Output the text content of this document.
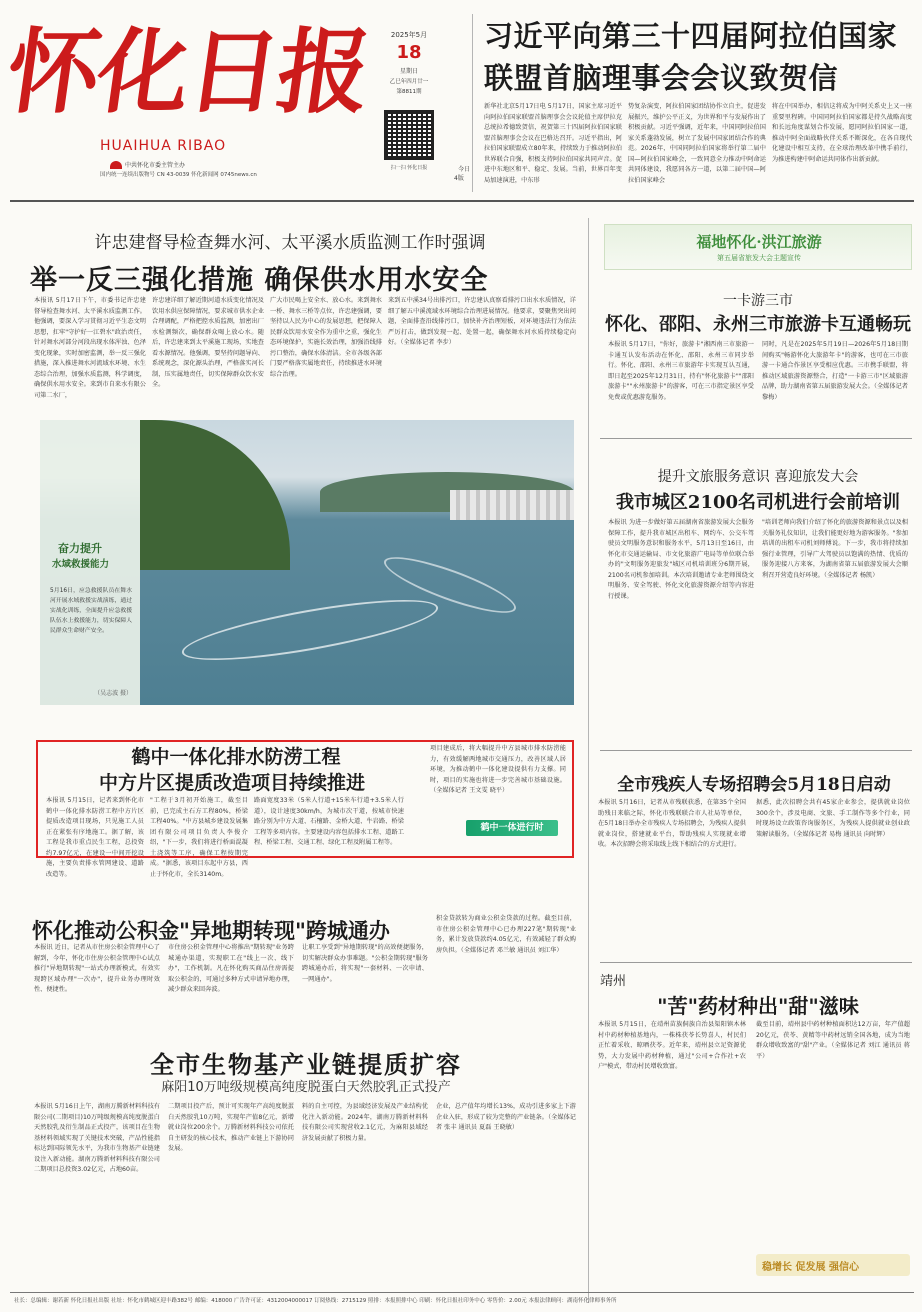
怀化日报
HUAIHUA RIBAO
中共怀化市委主管主办
国内统一连续出版物号 CN 43-0039 怀化新闻网 0745news.cn
2025年5月
18
星期日
乙巳年四月廿一
第8811期
扫一扫 怀化日报	今日
4版
习近平向第三十四届阿拉伯国家
联盟首脑理事会会议致贺信
新华社北京5月17日电 5月17日，国家主席习近平向阿拉伯国家联盟首脑理事会会议轮值主席伊拉克总统拉希德致贺信，祝贺第三十四届阿拉伯国家联盟首脑理事会会议在巴格达召开。习近平指出，阿拉伯国家联盟成立80年来，持续致力于推动阿拉伯世界联合自强，积极支持阿拉伯国家共同声音。促进中东地区和平、稳定、发展。当前，世界百年变局加速演进，中东形
势复杂演变，阿拉伯国家团结协作立自主，促进发展振兴，维护公平正义，为世界和平与发展作出了积极贡献。习近平强调，近年来，中国同阿拉伯国家关系蓬勃发展，树立了发展中国家团结合作的典范。2026年，中国同阿拉伯国家将举行第二届中国—阿拉伯国家峰会，一致同意全力推动中阿命运共同体建设，我愿同各方一道，以第二届中国—阿拉伯国家峰会
将在中国举办，相信这将成为中阿关系史上又一座重要里程碑。中国同阿拉伯国家都是持久战略高度和长远角度谋划合作发展，愿同阿拉伯国家一道，推动中阿全面战略伙伴关系不断深化，在各自现代化建设中相互支持，在全球治理改革中携手前行，为推进构建中阿命运共同体作出新贡献。
许忠建督导检查舞水河、太平溪水质监测工作时强调
举一反三强化措施 确保供水用水安全
本报讯 5月17日下午，市委书记许忠建督导检查舞水河、太平溪水质监测工作。他强调，要深入学习贯彻习近平生态文明思想，扛牢"守护好一江碧水"政治责任，针对舞水河部分河段出现水体浑浊、色泽变化现象，实时加密监测，举一反三强化措施，深入推进舞水河流域水环境、水生态综合治理，加强水质监测，科学调度，确保供水用水安全。来到市自来水有限公司第二水厂，
许忠建详细了解近期河道水质变化情况及饮用水供应保障情况，要求城市供水企业合理调配，严格把控水质监测，加密出厂水检测频次，确保群众喝上放心水。随后，许忠建来到太平溪施工现场，实地查看水源情况。他强调，要坚持问题导向、系统观念，深化源头治理，严格落实河长制，压实属地责任，切实保障群众饮水安全。
广大市民喝上安全水、放心水。来到舞水一桥、舞水三桥等点位，许忠建强调，要坚持以人民为中心的发展思想，把保障人民群众饮用水安全作为重中之重，强化生态环境保护，实施长效治理，加强沿线排污口整治，确保水体清洁。全市各级各部门要严格落实属地责任，持续推进水环境综合治理。
来到五中溪34号出排污口，许忠建认真察看排污口出水水质情况，详细了解五中溪流域水环境综合治理进展情况。他要求，要聚焦突出问题，全面排查沿线排污口，加快补齐治理短板，对环境违法行为依法严厉打击，做到发现一起、处置一起，确保舞水河水质持续稳定向好。（全媒体记者 李步）
奋力提升
水域救援能力
5月16日，应急救援队员在舞水河开展水域救援实战演练，通过实战化训练，全面提升应急救援队伍水上救援能力，切实保障人民群众生命财产安全。
（吴志波 摄）
鹤中一体化排水防涝工程
中方片区提质改造项目持续推进
本报讯 5月15日，记者来到怀化市鹤中一体化排水防涝工程中方片区提质改造项目现场，只见施工人员正在紧张有序地施工。据了解，该工程是我市重点民生工程，总投资约7.97亿元，在建设一中间开挖设施，主要负责排水管网建设、道路改造等。
"工程于3月初开始施工，截至目前，已完成主石方工程80%，桥梁工程40%。"中方县城乡建设发展集团有限公司项目负责人李俊介绍，"下一步，我们将进行桥面混凝土浇筑等工序，确保工程按期完成。"据悉，该项目东起中方县，西止于怀化市，全长3140m。
路面宽度33米（5米人行道+15米车行道+3.5米人行道），设计速度30km/h，为城市次干道，按城市快速路分别为中方大道、石檀路、金桥大道、牛岩路、桥梁工程等多项内容。主要建设内容包括排水工程、道路工程、桥梁工程、交通工程、绿化工程及附属工程等。
项目建成后，将大幅提升中方县城市排水防涝能力，有效缓解两地城市交通压力，改善区域人居环境，为推动鹤中一体化建设提供有力支撑。同时，项目的实施也将进一步完善城市基础设施。（全媒体记者 王文雯 晓平）
鹤中一体进行时
怀化推动公积金"异地期转现"跨城通办
本报讯 近日，记者从市住房公积金管理中心了解到，今年，怀化市住房公积金管理中心试点推行"异地期转现"一站式办理新模式，有效实现跨区域办理"一次办"，提升业务办理时效性、便捷性。
市住房公积金管理中心将推出"期转现"业务跨城通办渠道，实现职工在"线上一次、线下办"，工作机制。凡在怀化购买商品住房需提取公积金的，可通过多种方式申请异地办理，减少群众来回奔波。
让职工享受到"异地期转现"的高效便捷服务，切实解决群众办事难题。"公积金期转现"服务跨城通办后，将实现"一套材料、一次申请、一网通办"。
积金贷款转为商业公积金贷款的过程。截至目前，市住房公积金管理中心已办理227笔"期转现"业务，累计发放贷款约4.05亿元，有效减轻了群众购房负担。（全媒体记者 邓兰敏 通讯员 刘江华）
全市生物基产业链提质扩容
麻阳10万吨级规模高纯度脱蛋白天然胶乳正式投产
本报讯 5月16日上午，湖南万腾新材料科技有限公司(二期项目)10万吨级规模高纯度脱蛋白天然胶乳及衍生制品正式投产，该项目在生物基材料领域实现了关键技术突破，产品性能指标达到国际领先水平，为我市生物基产业链建设注入新动能。湖南万腾新材料科技有限公司二期项目总投资3.02亿元，占地60亩。
二期项目投产后，预计可实现年产高纯度脱蛋白天然胶乳10万吨，实现年产值8亿元，新增就业岗位200余个。万腾新材料科技公司依托自主研发的核心技术，推动产业链上下游协同发展。
料的自主可控，为县域经济发展及产业结构优化注入新动能。2024年，湖南万腾新材料科技有限公司实现营收2.1亿元，为麻阳县域经济发展贡献了积极力量。
企业，总产值年均增长13%，成功引进多家上下游企业入驻，形成了较为完整的产业链条。（全媒体记者 张丰 通讯员 夏磊 王晓敏）
福地怀化·洪江旅游
第五届省旅发大会主题宣传
一卡游三市
怀化、邵阳、永州三市旅游卡互通畅玩
本报讯 5月17日，"你好，旅游卡"湘西南三市旅游一卡通互认发布活动在怀化、邵阳、永州三市同步举行。怀化、邵阳、永州三市旅游年卡实现互认互通，即日起至2025年12月31日，持有"怀化旅游卡""邵阳旅游卡""永州旅游卡"的游客，可在三市指定景区享受免费或优惠游览服务。
同时，凡是在2025年5月19日—2026年5月18日期间购买"畅游怀化大旅游年卡"的游客，也可在三市旅游一卡通合作景区享受相应优惠。三市携手联盟，将推动区域旅游资源整合，打造"一卡游三市"区域旅游品牌，助力湖南省第五届旅游发展大会。（全媒体记者 黎梅）
提升文旅服务意识 喜迎旅发大会
我市城区2100名司机进行会前培训
本报讯 为进一步做好第五届湖南省旅游发展大会服务保障工作，提升我市城区出租车、网约车、公交车驾驶员文明服务意识和服务水平，5月13日至16日，由怀化市交通运输局、市文化旅游广电局等单位联合举办的"文明服务迎旅发"城区司机培训班分6期开展，2100名司机参加培训。本次培训邀请专业老师围绕文明服务、安全驾驶、怀化文化旅游资源介绍等内容进行授课。
"培训老师向我们介绍了怀化的旅游资源和景点以及相关服务礼仪知识，让我们能更好地为游客服务。"参加培训的出租车司机刘师傅说。下一步，我市将持续加强行业管理，引导广大驾驶员以饱满的热情、优质的服务迎接八方来客，为湖南省第五届旅游发展大会顺利召开营造良好环境。（全媒体记者 杨凯）
全市残疾人专场招聘会5月18日启动
本报讯 5月16日，记者从市残联获悉，在第35个全国助残日来临之际，怀化市残联联合市人社局等单位，在5月18日举办全市残疾人专场招聘会，为残疾人提供就业岗位，搭建就业平台，帮助残疾人实现就业增收。本次招聘会将采取线上线下相结合的方式进行。
据悉，此次招聘会共有45家企业参会，提供就业岗位300余个，涉及电商、文旅、手工制作等多个行业，同时现场设立政策咨询服务区，为残疾人提供就业创业政策解读服务。（全媒体记者 易梅 通讯员 向时辉）
靖州
"苦"药材种出"甜"滋味
本报讯 5月15日，在靖州苗族侗族自治县渠阳镇木林村中药材种植基地内，一株株茯苓长势喜人，村民们正忙着采收、晾晒茯苓。近年来，靖州县立足资源优势，大力发展中药材种植，通过"公司+合作社+农户"模式，带动村民增收致富。
截至目前，靖州县中药材种植面积达12万亩，年产值超20亿元，茯苓、黄精等中药材远销全国各地，成为当地群众增收致富的"甜"产业。（全媒体记者 刘江 通讯员 蒋平）
稳增长 促发展 强信心
社长：总编辑：谢若新 怀化日报社出版 社址：怀化市鹤城区迎丰路382号 邮编：418000 广告许可证：4312004000017 订阅热线：2715129 照排：本报照排中心 印刷：怀化日报社印务中心 零售价：2.00元 本报法律顾问：湖南怀化律师事务所
